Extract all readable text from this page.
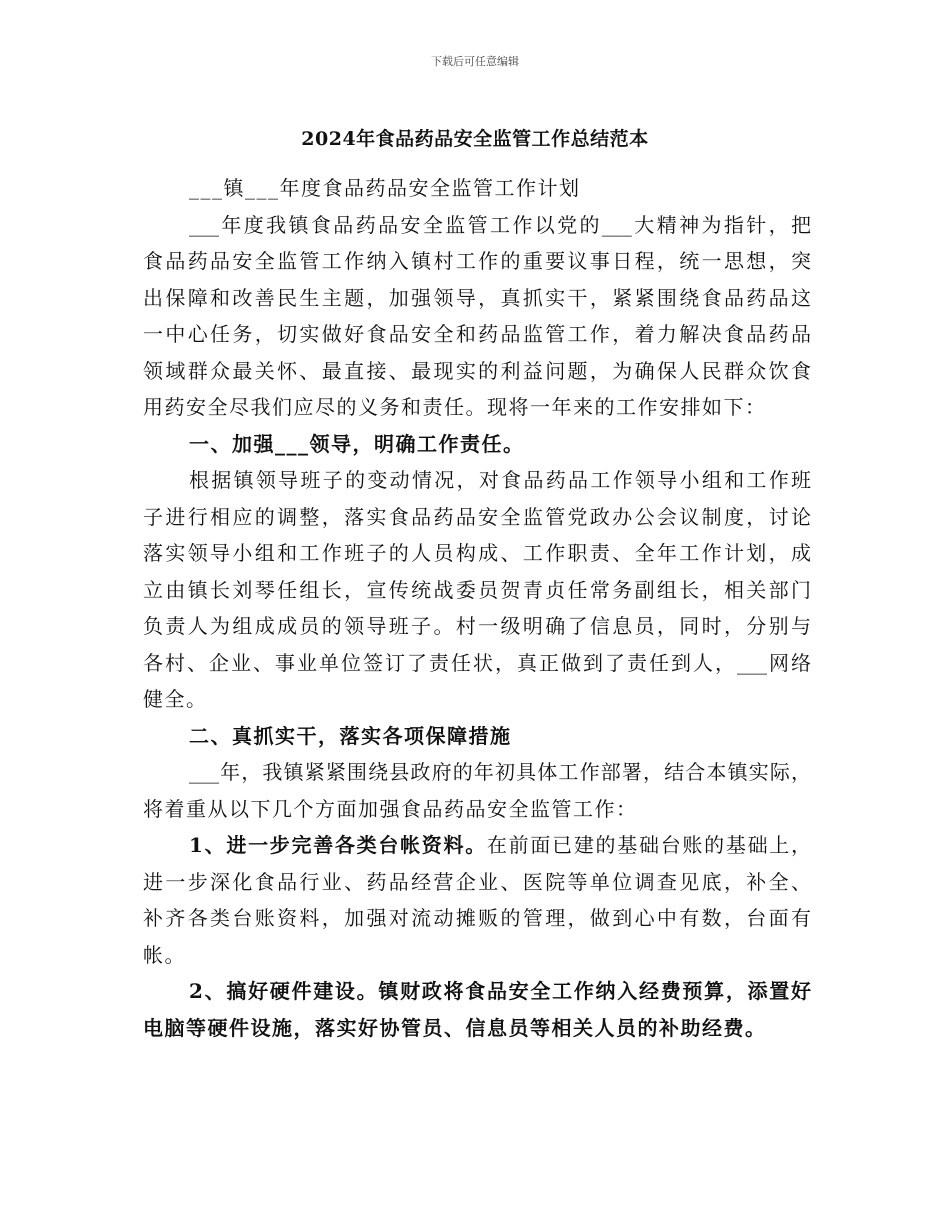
下载后可任意编辑
2024年食品药品安全监管工作总结范本
___镇___年度食品药品安全监管工作计划
___年度我镇食品药品安全监管工作以党的___大精神为指针，把
食品药品安全监管工作纳入镇村工作的重要议事日程，统一思想，突
出保障和改善民生主题，加强领导，真抓实干，紧紧围绕食品药品这
一中心任务，切实做好食品安全和药品监管工作，着力解决食品药品
领域群众最关怀、最直接、最现实的利益问题，为确保人民群众饮食
用药安全尽我们应尽的义务和责任。现将一年来的工作安排如下：
一、加强___领导，明确工作责任。
根据镇领导班子的变动情况，对食品药品工作领导小组和工作班
子进行相应的调整，落实食品药品安全监管党政办公会议制度，讨论
落实领导小组和工作班子的人员构成、工作职责、全年工作计划，成
立由镇长刘琴任组长，宣传统战委员贺青贞任常务副组长，相关部门
负责人为组成成员的领导班子。村一级明确了信息员，同时，分别与
各村、企业、事业单位签订了责任状，真正做到了责任到人，___网络
健全。
二、真抓实干，落实各项保障措施
___年，我镇紧紧围绕县政府的年初具体工作部署，结合本镇实际，
将着重从以下几个方面加强食品药品安全监管工作：
1、进一步完善各类台帐资料。在前面已建的基础台账的基础上，
进一步深化食品行业、药品经营企业、医院等单位调查见底，补全、
补齐各类台账资料，加强对流动摊贩的管理，做到心中有数，台面有
帐。
2、搞好硬件建设。镇财政将食品安全工作纳入经费预算，添置好
电脑等硬件设施，落实好协管员、信息员等相关人员的补助经费。
